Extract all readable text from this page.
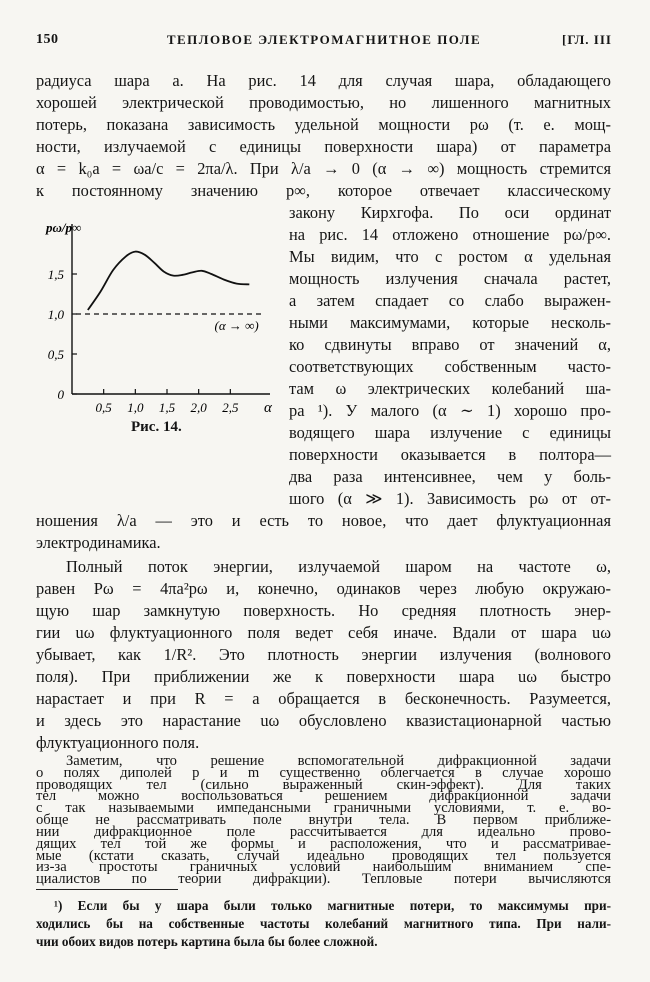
150	ТЕПЛОВОЕ ЭЛЕКТРОМАГНИТНОЕ ПОЛЕ	[ГЛ. III
радиуса шара a. На рис. 14 для случая шара, обладающего
хорошей электрической проводимостью, но лишенного магнитных
потерь, показана зависимость удельной мощности pω (т. е. мощ-
ности, излучаемой с единицы поверхности шара) от параметра
α = k₀a = ωa/c = 2πa/λ. При λ/a → 0 (α → ∞) мощность стремится
к постоянному значению p∞, которое отвечает классическому
закону Кирхгофа. По оси ординат
на рис. 14 отложено отношение pω/p∞.
Мы видим, что с ростом α удельная
мощность излучения сначала растет,
а затем спадает со слабо выражен-
ными максимумами, которые несколь-
ко сдвинуты вправо от значений α,
соответствующих собственным часто-
там ω электрических колебаний ша-
ра ¹). У малого (α ∼ 1) хорошо про-
водящего шара излучение с единицы
поверхности оказывается в полтора—
два раза интенсивнее, чем у боль-
шого (α ≫ 1). Зависимость pω от от-
0
0,5
1,0
1,5
0,5 1,0 1,5 2,0 2,5
pω/p∞
α
(α → ∞)
Рис. 14.
ношения λ/a — это и есть то новое, что дает флуктуационная
электродинамика.
Полный поток энергии, излучаемой шаром на частоте ω,
равен Pω = 4πa²pω и, конечно, одинаков через любую окружаю-
щую шар замкнутую поверхность. Но средняя плотность энер-
гии uω флуктуационного поля ведет себя иначе. Вдали от шара uω
убывает, как 1/R². Это плотность энергии излучения (волнового
поля). При приближении же к поверхности шара uω быстро
нарастает и при R = a обращается в бесконечность. Разумеется,
и здесь это нарастание uω обусловлено квазистационарной частью
флуктуационного поля.
¹) Если бы у шара были только магнитные потери, то максимумы при-
ходились бы на собственные частоты колебаний магнитного типа. При нали-
чии обоих видов потерь картина была бы более сложной.
Заметим, что решение вспомогательной дифракционной задачи
о полях диполей p и m существенно облегчается в случае хорошо
проводящих тел (сильно выраженный скин-эффект). Для таких
тел можно воспользоваться решением дифракционной задачи
с так называемыми импедансными граничными условиями, т. е. во-
обще не рассматривать поле внутри тела. В первом приближе-
нии дифракционное поле рассчитывается для идеально прово-
дящих тел той же формы и расположения, что и рассматривае-
мые (кстати сказать, случай идеально проводящих тел пользуется
из-за простоты граничных условий наибольшим вниманием спе-
циалистов по теории дифракции). Тепловые потери вычисляются
